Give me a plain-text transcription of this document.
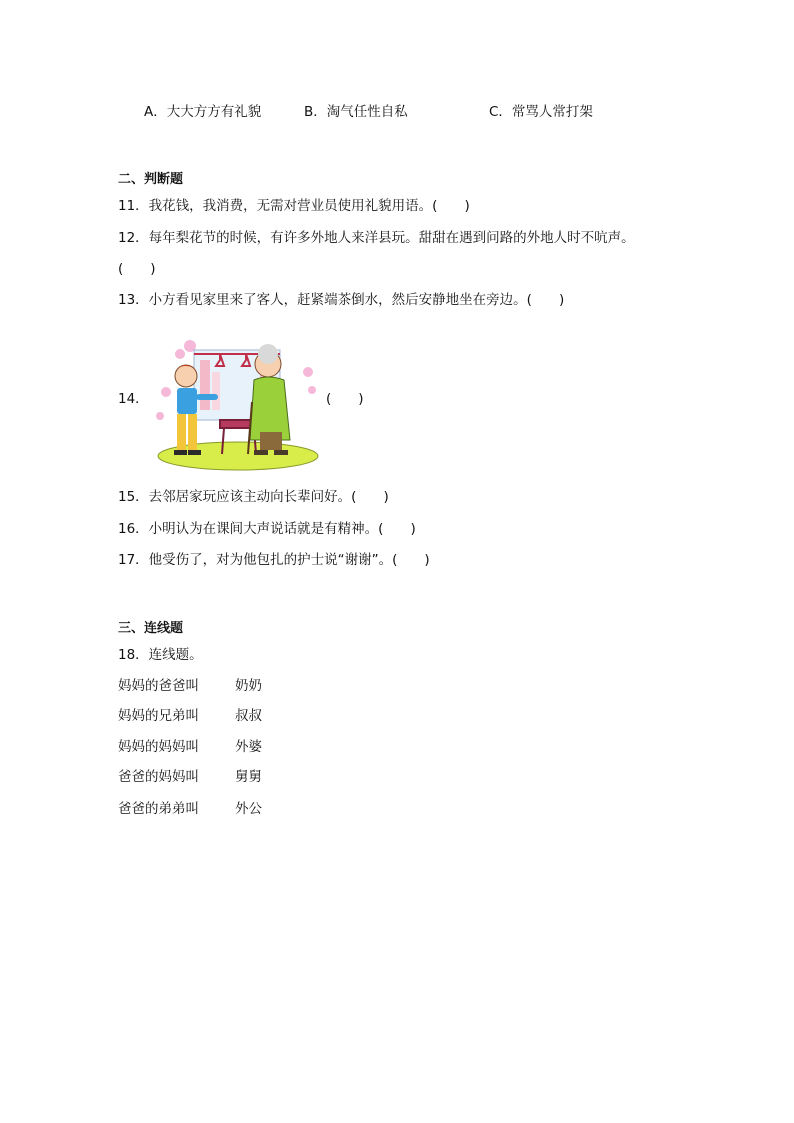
A．大大方方有礼貌	B．淘气任性自私	C．常骂人常打架
二、判断题
11．我花钱，我消费，无需对营业员使用礼貌用语。(　　)
12．每年梨花节的时候，有许多外地人来洋县玩。甜甜在遇到问路的外地人时不吭声。
(　　)
13．小方看见家里来了客人，赶紧端茶倒水，然后安静地坐在旁边。(　　)
14．	(　　)
15．去邻居家玩应该主动向长辈问好。(　　)
16．小明认为在课间大声说话就是有精神。(　　)
17．他受伤了，对为他包扎的护士说“谢谢”。(　　)
三、连线题
18．连线题。
妈妈的爸爸叫	奶奶
妈妈的兄弟叫	叔叔
妈妈的妈妈叫	外婆
爸爸的妈妈叫	舅舅
爸爸的弟弟叫	外公
